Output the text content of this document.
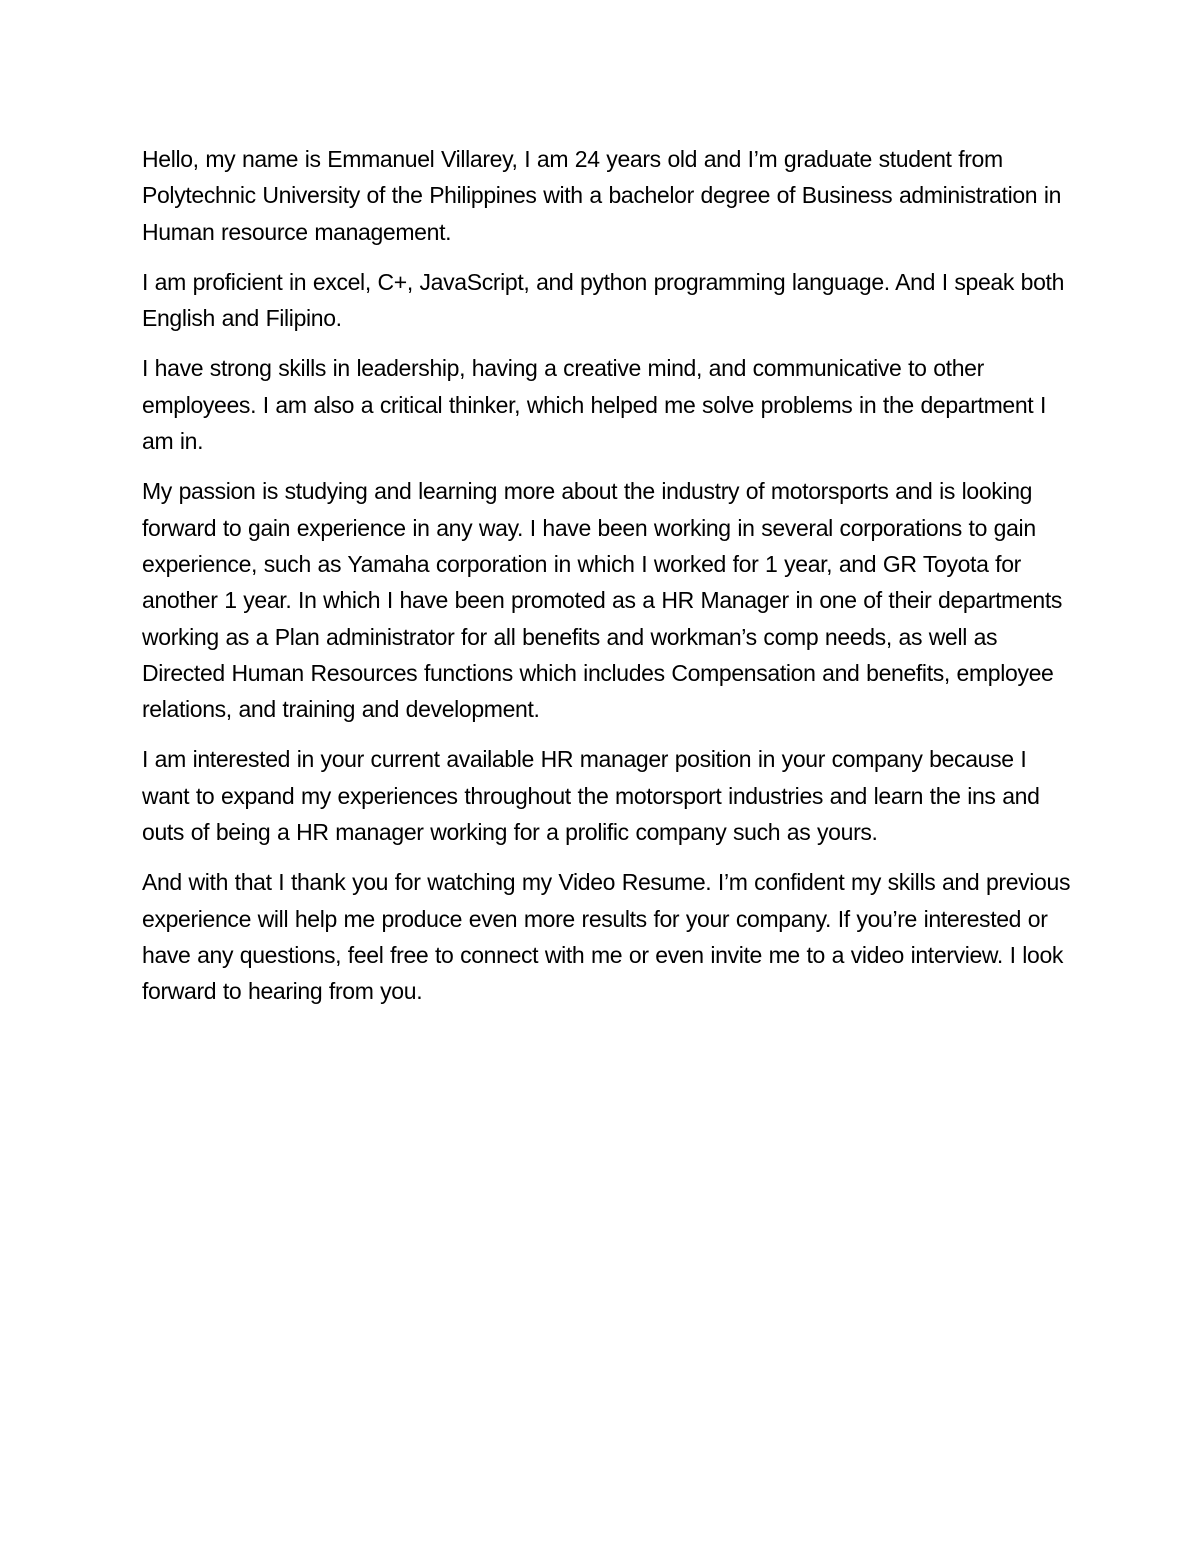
Hello, my name is Emmanuel Villarey, I am 24 years old and I’m graduate student from Polytechnic University of the Philippines with a bachelor degree of Business administration in Human resource management.

I am proficient in excel, C+, JavaScript, and python programming language. And I speak both English and Filipino.

I have strong skills in leadership, having a creative mind, and communicative to other employees. I am also a critical thinker, which helped me solve problems in the department I am in.

My passion is studying and learning more about the industry of motorsports and is looking forward to gain experience in any way. I have been working in several corporations to gain experience, such as Yamaha corporation in which I worked for 1 year, and GR Toyota for another 1 year. In which I have been promoted as a HR Manager in one of their departments working as a Plan administrator for all benefits and workman’s comp needs, as well as Directed Human Resources functions which includes Compensation and benefits, employee relations, and training and development.

I am interested in your current available HR manager position in your company because I want to expand my experiences throughout the motorsport industries and learn the ins and outs of being a HR manager working for a prolific company such as yours.

And with that I thank you for watching my Video Resume. I’m confident my skills and previous experience will help me produce even more results for your company. If you’re interested or have any questions, feel free to connect with me or even invite me to a video interview. I look forward to hearing from you.
